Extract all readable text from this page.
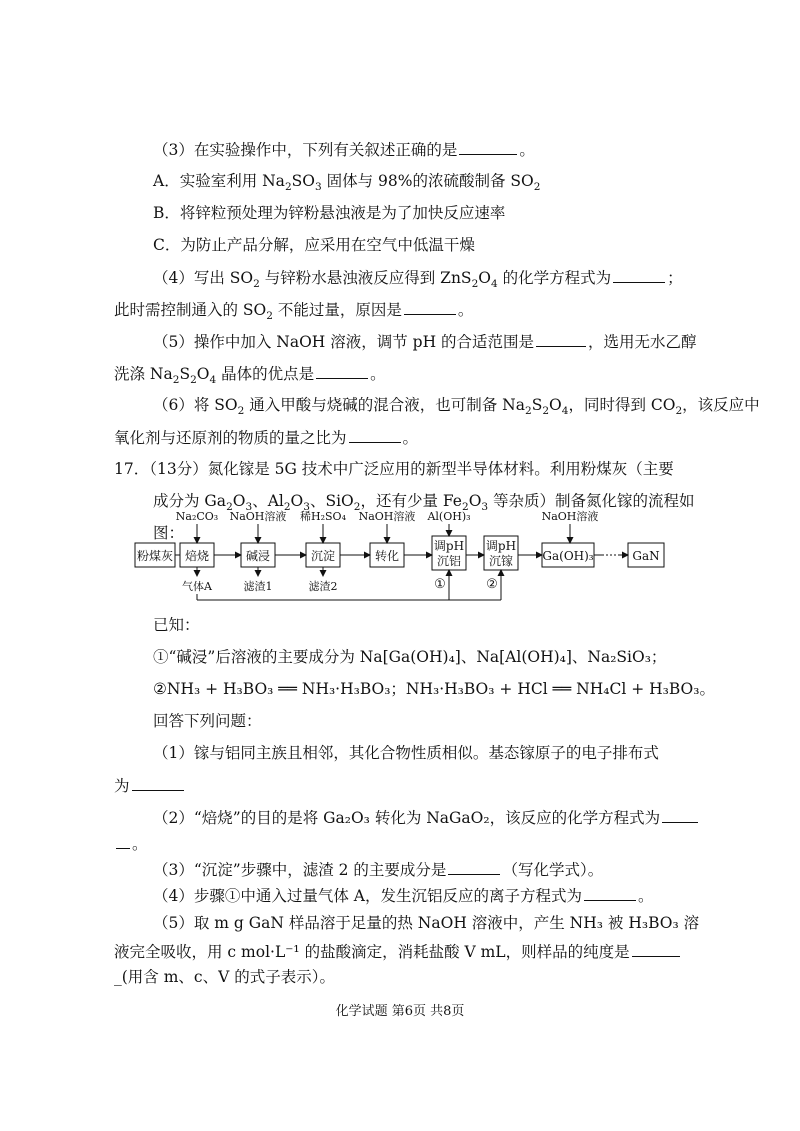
（3）在实验操作中，下列有关叙述正确的是	。
A．实验室利用 $Na_2SO_3$ 固体与 98%的浓硫酸制备 $SO_2$
B．将锌粒预处理为锌粉悬浊液是为了加快反应速率
C．为防止产品分解，应采用在空气中低温干燥
（4）写出 $SO_2$ 与锌粉水悬浊液反应得到 $ZnS_2O_4$ 的化学方程式为	；
此时需控制通入的 $SO_2$ 不能过量，原因是	。
（5）操作中加入 NaOH 溶液，调节 pH 的合适范围是	，选用无水乙醇
洗涤 $Na_2S_2O_4$ 晶体的优点是	。
（6）将 $SO_2$ 通入甲酸与烧碱的混合液，也可制备 $Na_2S_2O_4$，同时得到 $CO_2$，该反应中
氧化剂与还原剂的物质的量之比为	。
17．（13分）氮化镓是 5G 技术中广泛应用的新型半导体材料。利用粉煤灰（主要
成分为 $Ga_2O_3$、$Al_2O_3$、SiO$_2$，还有少量 $Fe_2O_3$ 等杂质）制备氮化镓的流程如
图：
粉煤灰 焙烧	碱浸	沉淀	转化
调pH
沉铝
调pH
沉镓 Ga(OH)₃	GaN
Na₂CO₃ NaOH溶液 稀H₂SO₄ NaOH溶液 Al(OH)₃	NaOH溶液
气体A	滤渣1	滤渣2	①	②
已知：
①“碱浸”后溶液的主要成分为 Na[Ga(OH)₄]、Na[Al(OH)₄]、Na₂SiO₃；
②NH₃ + H₃BO₃ ══ NH₃·H₃BO₃；NH₃·H₃BO₃ + HCl ══ NH₄Cl + H₃BO₃。
回答下列问题：
（1）镓与铝同主族且相邻，其化合物性质相似。基态镓原子的电子排布式
为
（2）“焙烧”的目的是将 Ga₂O₃ 转化为 NaGaO₂，该反应的化学方程式为
。
（3）“沉淀”步骤中，滤渣 2 的主要成分是	（写化学式）。
（4）步骤①中通入过量气体 A，发生沉铝反应的离子方程式为	。
（5）取 m g GaN 样品溶于足量的热 NaOH 溶液中，产生 NH₃ 被 H₃BO₃ 溶
液完全吸收，用 c mol·L⁻¹ 的盐酸滴定，消耗盐酸 V mL，则样品的纯度是
_(用含 m、c、V 的式子表示）。
化学试题 第6页 共8页
